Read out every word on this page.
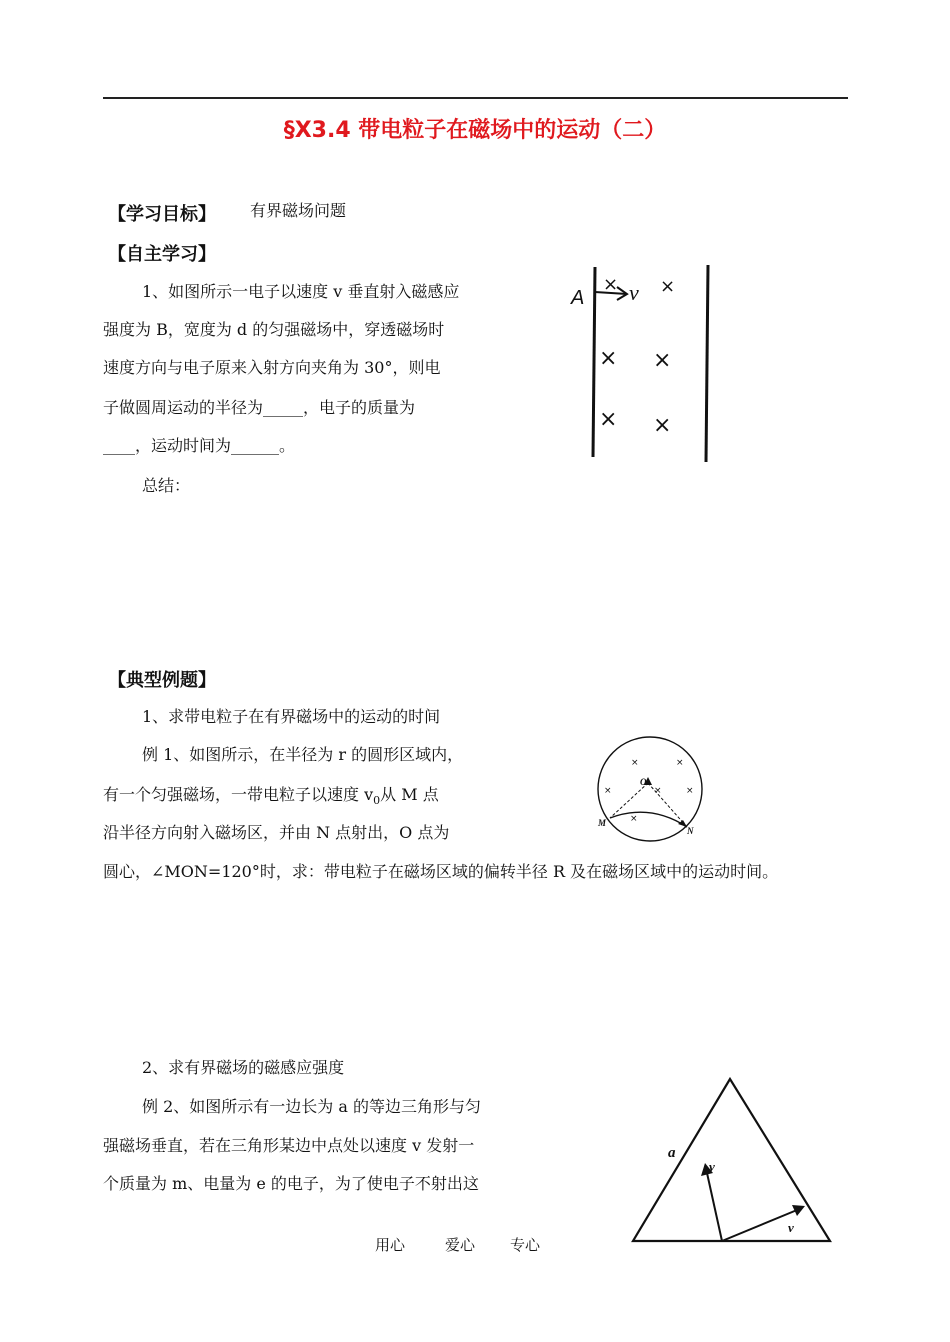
§X3.4 带电粒子在磁场中的运动（二）
【学习目标】 有界磁场问题
【自主学习】
1、如图所示一电子以速度 v 垂直射入磁感应
强度为 B，宽度为 d 的匀强磁场中，穿透磁场时
速度方向与电子原来入射方向夹角为 30°，则电
子做圆周运动的半径为_____，电子的质量为
____，运动时间为______。
总结：
A v
× ×
× ×
× ×
【典型例题】
1、求带电粒子在有界磁场中的运动的时间
例 1、如图所示，在半径为 r 的圆形区域内，
有一个匀强磁场，一带电粒子以速度 $v_0$从 M 点
沿半径方向射入磁场区，并由 N 点射出，O 点为
圆心，∠MON=120°时，求：带电粒子在磁场区域的偏转半径 R 及在磁场区域中的运动时间。
O
M
N
×	×
×	×	×
×
2、求有界磁场的磁感应强度
例 2、如图所示有一边长为 a 的等边三角形与匀
强磁场垂直，若在三角形某边中点处以速度 v 发射一
个质量为 m、电量为 e 的电子，为了使电子不射出这
a
v
v
用心	爱心 专心
